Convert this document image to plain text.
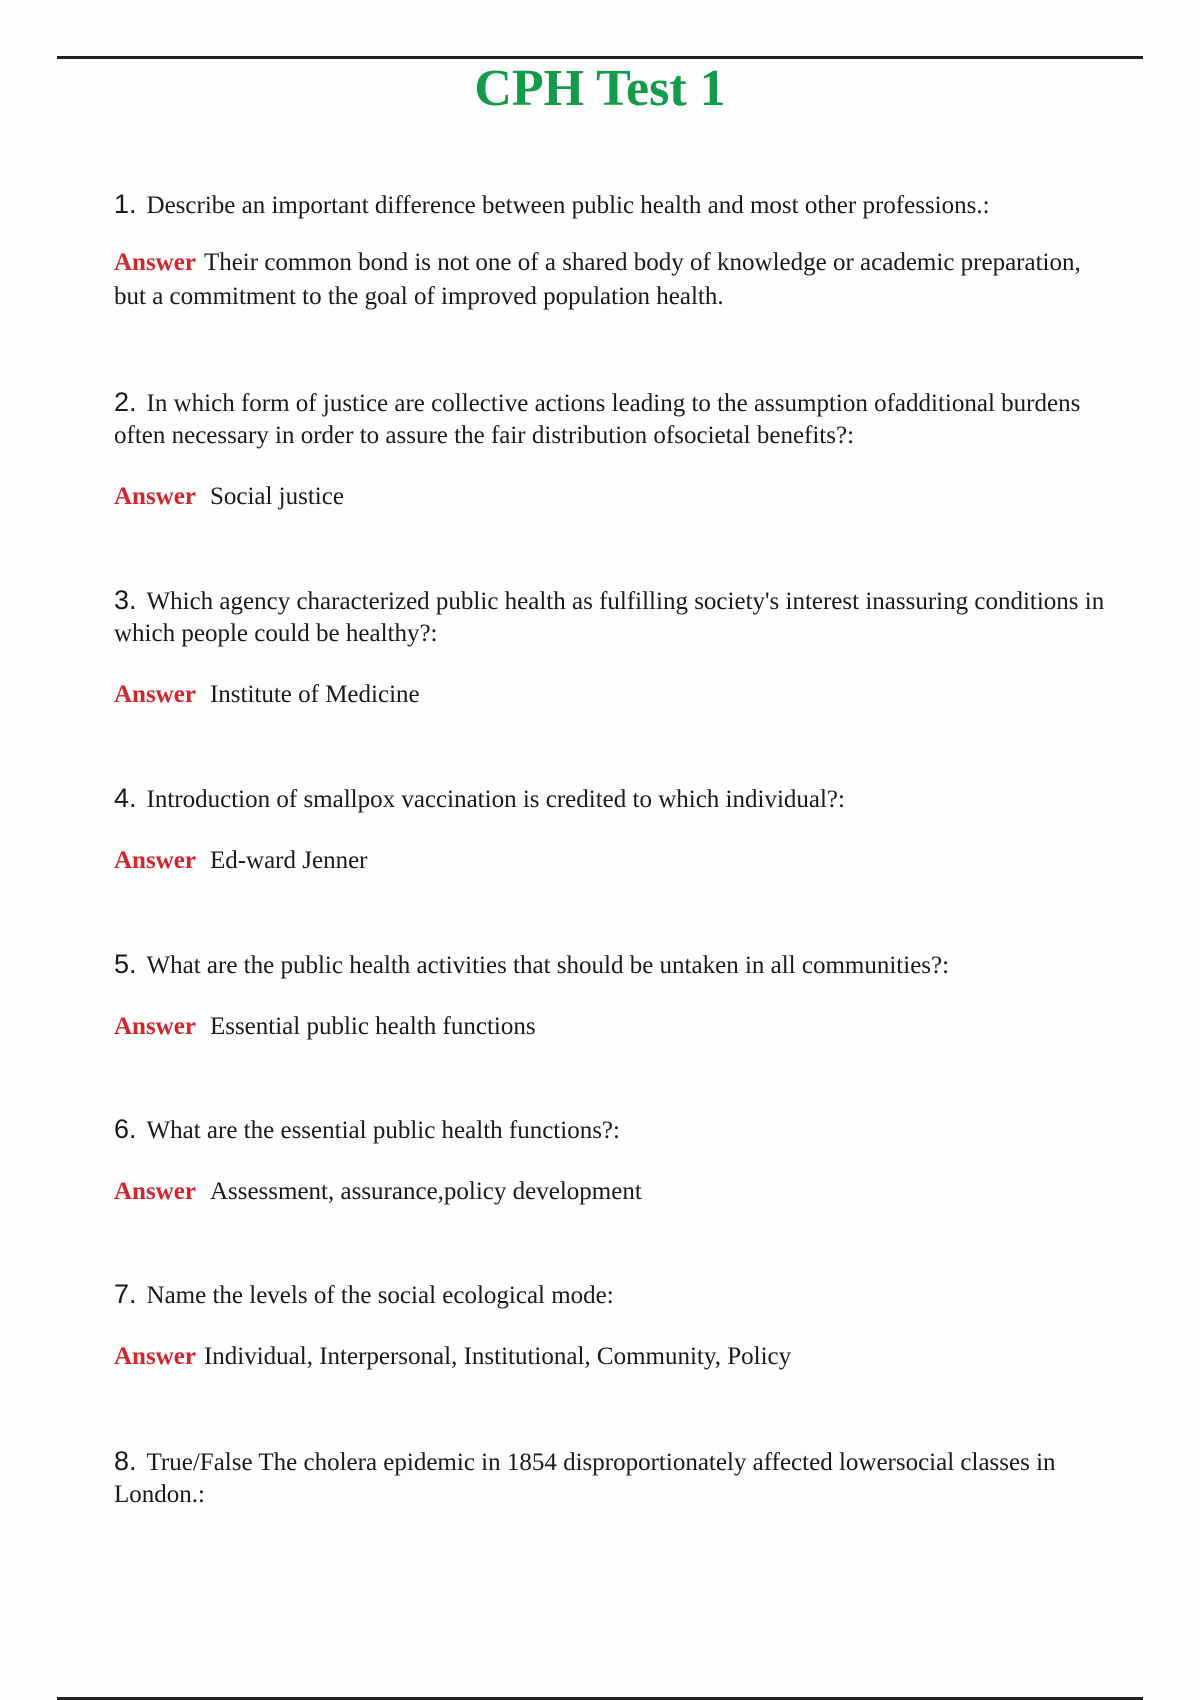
CPH Test 1
1. Describe an important difference between public health and most other professions.:
Answer Their common bond is not one of a shared body of knowledge or academic preparation, but a commitment to the goal of improved population health.
2. In which form of justice are collective actions leading to the assumption ofadditional burdens often necessary in order to assure the fair distribution ofsocietal benefits?:
Answer Social justice
3. Which agency characterized public health as fulfilling society's interest inassuring conditions in which people could be healthy?:
Answer Institute of Medicine
4. Introduction of smallpox vaccination is credited to which individual?:
Answer Ed-ward Jenner
5. What are the public health activities that should be untaken in all communities?:
Answer Essential public health functions
6. What are the essential public health functions?:
Answer Assessment, assurance,policy development
7. Name the levels of the social ecological mode:
Answer Individual, Interpersonal, Institutional, Community, Policy
8. True/False The cholera epidemic in 1854 disproportionately affected lowersocial classes in London.:
